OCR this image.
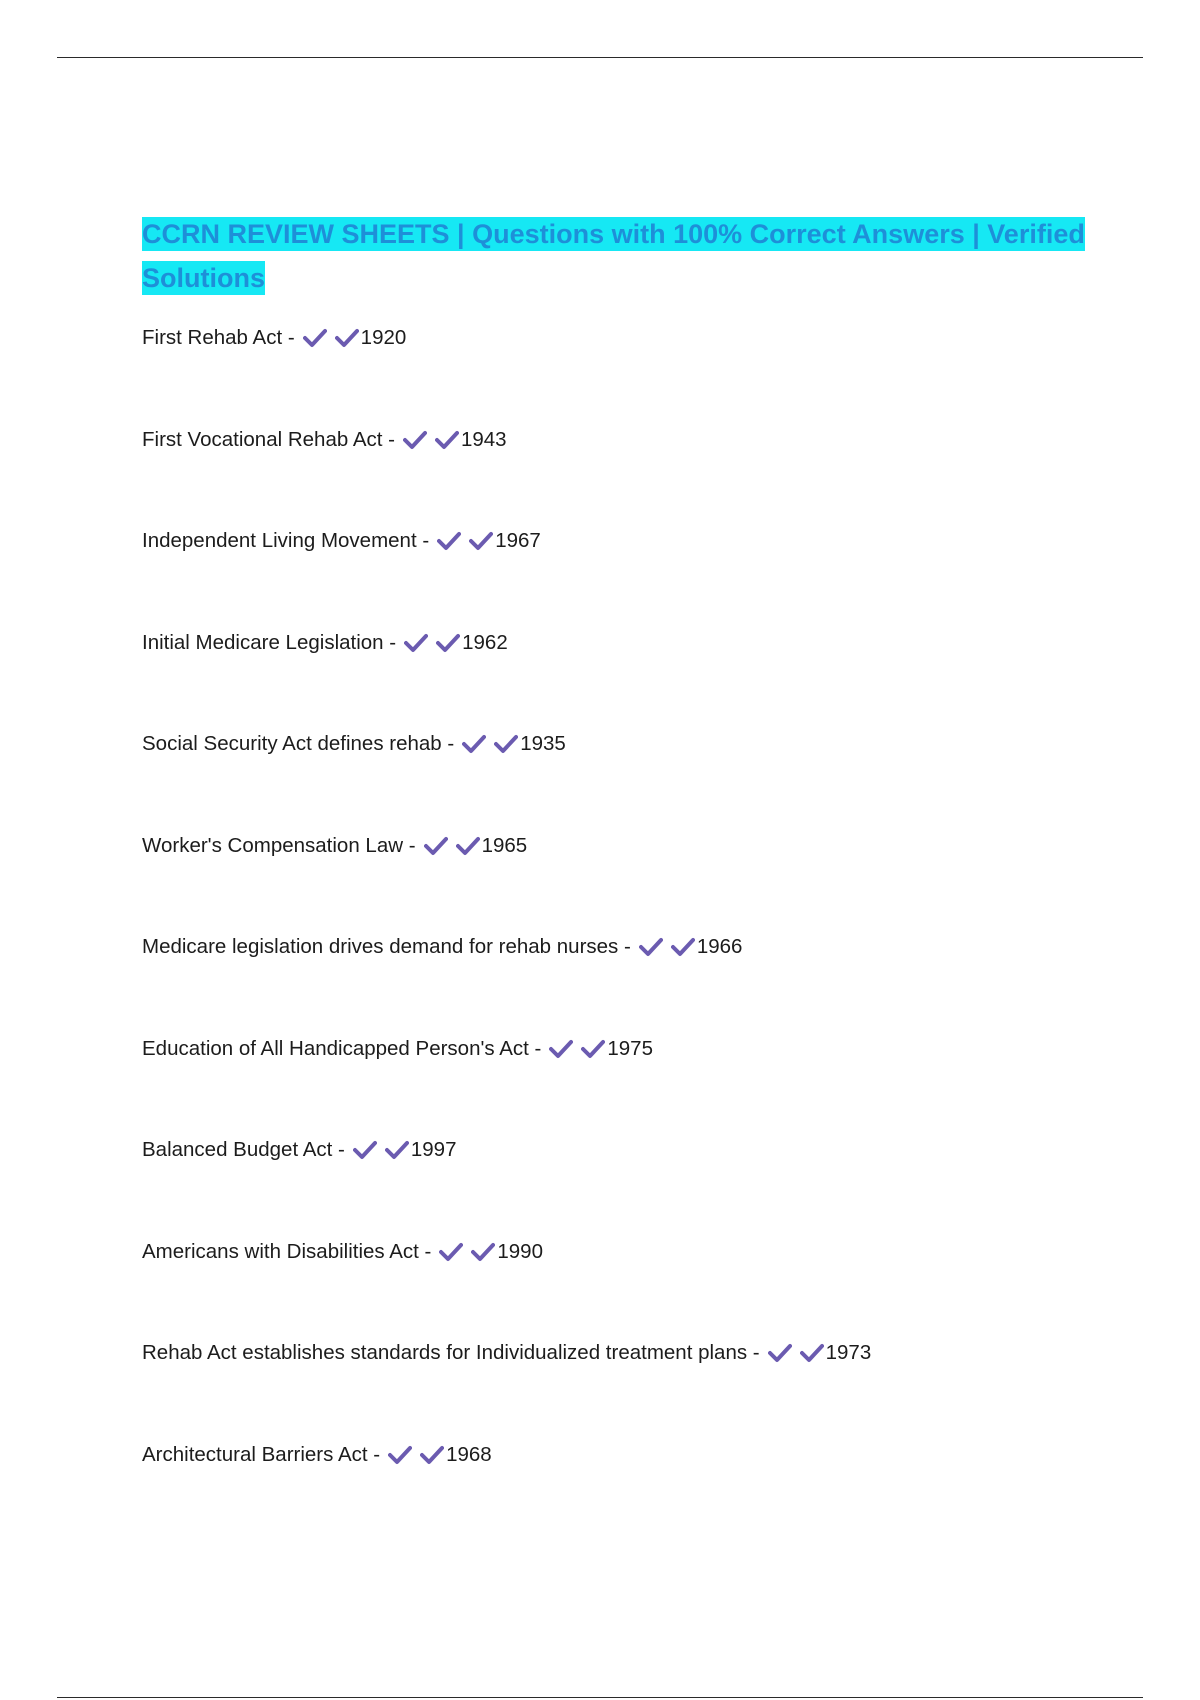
CCRN REVIEW SHEETS | Questions with 100% Correct Answers | Verified Solutions
First Rehab Act -	1920
First Vocational Rehab Act -	1943
Independent Living Movement -	1967
Initial Medicare Legislation -	1962
Social Security Act defines rehab -	1935
Worker's Compensation Law -	1965
Medicare legislation drives demand for rehab nurses -	1966
Education of All Handicapped Person's Act -	1975
Balanced Budget Act -	1997
Americans with Disabilities Act -	1990
Rehab Act establishes standards for Individualized treatment plans -	1973
Architectural Barriers Act -	1968
